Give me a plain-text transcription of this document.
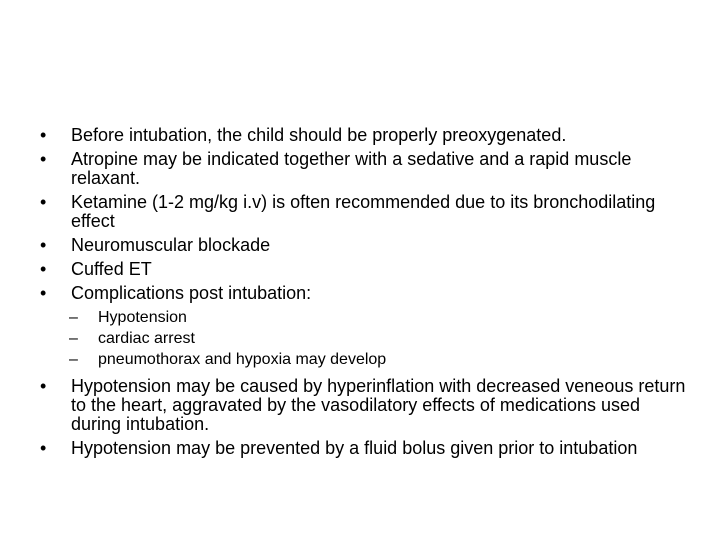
•	Before intubation, the child should be properly preoxygenated.
•	Atropine may be indicated together with a sedative and a rapid muscle relaxant.
•	Ketamine (1-2 mg/kg i.v) is often recommended due to its bronchodilating effect
•	Neuromuscular blockade
•	Cuffed ET
•	Complications post intubation:
–	Hypotension
–	cardiac arrest
–	pneumothorax and hypoxia may develop
•	Hypotension may be caused by hyperinflation with decreased veneous return to the heart, aggravated by the vasodilatory effects of medications used during intubation.
•	Hypotension may be prevented by a fluid bolus given prior to intubation
